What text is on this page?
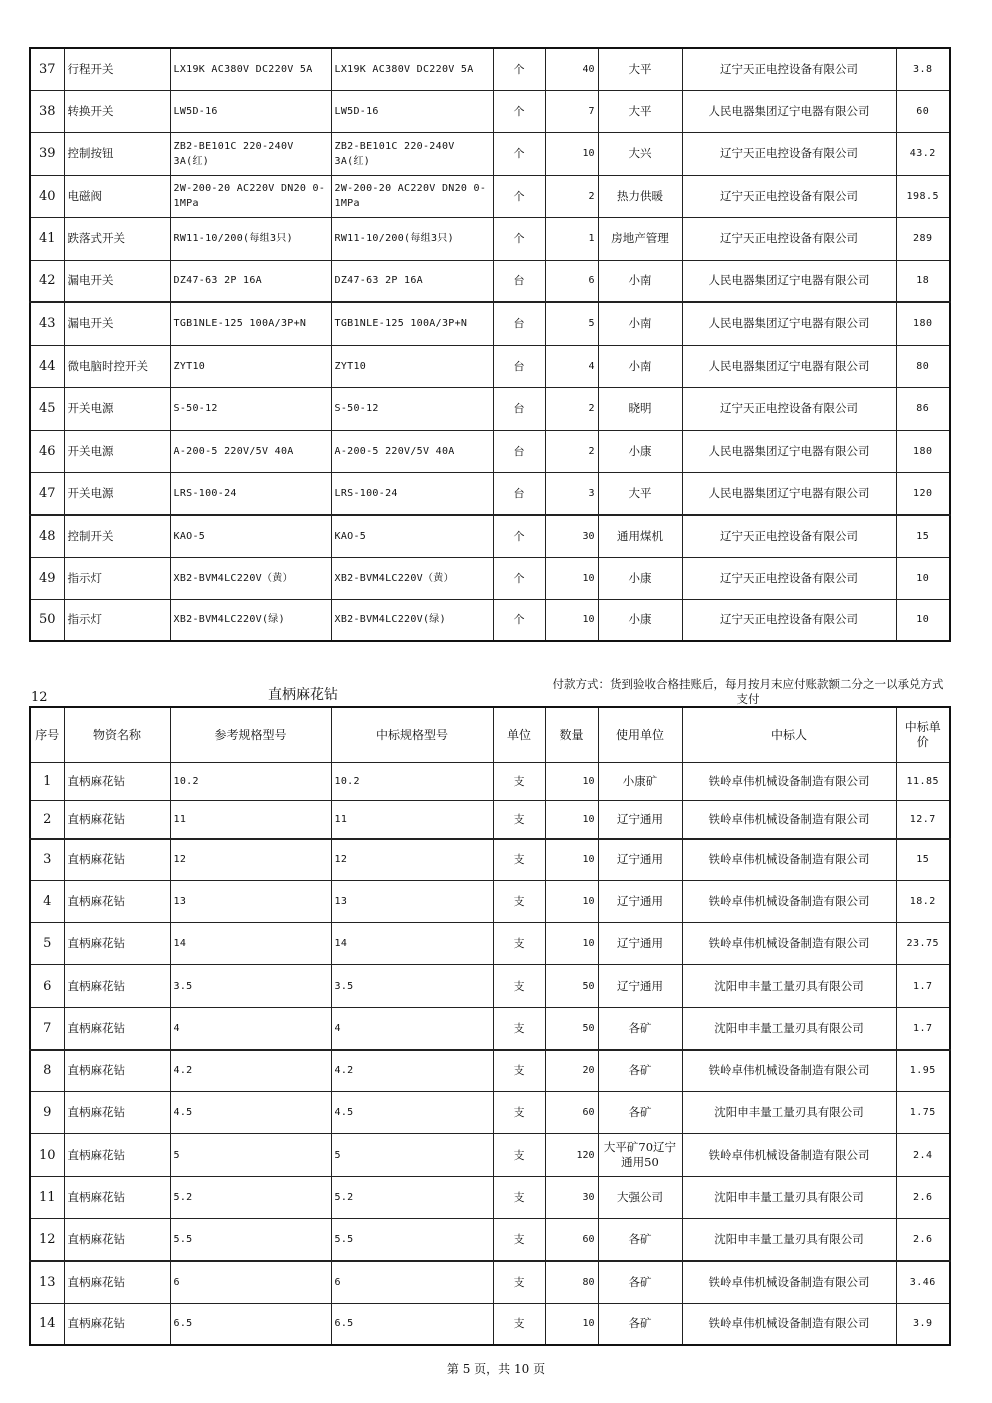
37	行程开关	LX19K AC380V DC220V 5A	LX19K AC380V DC220V 5A	个	40	大平	辽宁天正电控设备有限公司	3.8
38	转换开关	LW5D-16	LW5D-16	个	7	大平	人民电器集团辽宁电器有限公司	60
39	控制按钮	ZB2-BE101C 220-240V 3A(红)	ZB2-BE101C 220-240V 3A(红)	个	10	大兴	辽宁天正电控设备有限公司	43.2
40	电磁阀	2W-200-20 AC220V DN20 0-1MPa	2W-200-20 AC220V DN20 0-1MPa	个	2	热力供暖	辽宁天正电控设备有限公司	198.5
41	跌落式开关	RW11-10/200(每组3只)	RW11-10/200(每组3只)	个	1	房地产管理	辽宁天正电控设备有限公司	289
42	漏电开关	DZ47-63 2P 16A	DZ47-63 2P 16A	台	6	小南	人民电器集团辽宁电器有限公司	18
43	漏电开关	TGB1NLE-125 100A/3P+N	TGB1NLE-125 100A/3P+N	台	5	小南	人民电器集团辽宁电器有限公司	180
44	微电脑时控开关	ZYT10	ZYT10	台	4	小南	人民电器集团辽宁电器有限公司	80
45	开关电源	S-50-12	S-50-12	台	2	晓明	辽宁天正电控设备有限公司	86
46	开关电源	A-200-5 220V/5V 40A	A-200-5 220V/5V 40A	台	2	小康	人民电器集团辽宁电器有限公司	180
47	开关电源	LRS-100-24	LRS-100-24	台	3	大平	人民电器集团辽宁电器有限公司	120
48	控制开关	KAO-5	KAO-5	个	30	通用煤机	辽宁天正电控设备有限公司	15
49	指示灯	XB2-BVM4LC220V（黄）	XB2-BVM4LC220V（黄）	个	10	小康	辽宁天正电控设备有限公司	10
50	指示灯	XB2-BVM4LC220V(绿)	XB2-BVM4LC220V(绿)	个	10	小康	辽宁天正电控设备有限公司	10
12	直柄麻花钻
付款方式：货到验收合格挂账后，每月按月末应付账款额二分之一以承兑方式支付
序号	物资名称	参考规格型号	中标规格型号	单位	数量	使用单位	中标人	中标单价
1	直柄麻花钻	10.2	10.2	支	10	小康矿	铁岭卓伟机械设备制造有限公司	11.85
2	直柄麻花钻	11	11	支	10	辽宁通用	铁岭卓伟机械设备制造有限公司	12.7
3	直柄麻花钻	12	12	支	10	辽宁通用	铁岭卓伟机械设备制造有限公司	15
4	直柄麻花钻	13	13	支	10	辽宁通用	铁岭卓伟机械设备制造有限公司	18.2
5	直柄麻花钻	14	14	支	10	辽宁通用	铁岭卓伟机械设备制造有限公司	23.75
6	直柄麻花钻	3.5	3.5	支	50	辽宁通用	沈阳申丰量工量刃具有限公司	1.7
7	直柄麻花钻	4	4	支	50	各矿	沈阳申丰量工量刃具有限公司	1.7
8	直柄麻花钻	4.2	4.2	支	20	各矿	铁岭卓伟机械设备制造有限公司	1.95
9	直柄麻花钻	4.5	4.5	支	60	各矿	沈阳申丰量工量刃具有限公司	1.75
10	直柄麻花钻	5	5	支	120	大平矿70辽宁通用50	铁岭卓伟机械设备制造有限公司	2.4
11	直柄麻花钻	5.2	5.2	支	30	大强公司	沈阳申丰量工量刃具有限公司	2.6
12	直柄麻花钻	5.5	5.5	支	60	各矿	沈阳申丰量工量刃具有限公司	2.6
13	直柄麻花钻	6	6	支	80	各矿	铁岭卓伟机械设备制造有限公司	3.46
14	直柄麻花钻	6.5	6.5	支	10	各矿	铁岭卓伟机械设备制造有限公司	3.9
第 5 页，共 10 页
